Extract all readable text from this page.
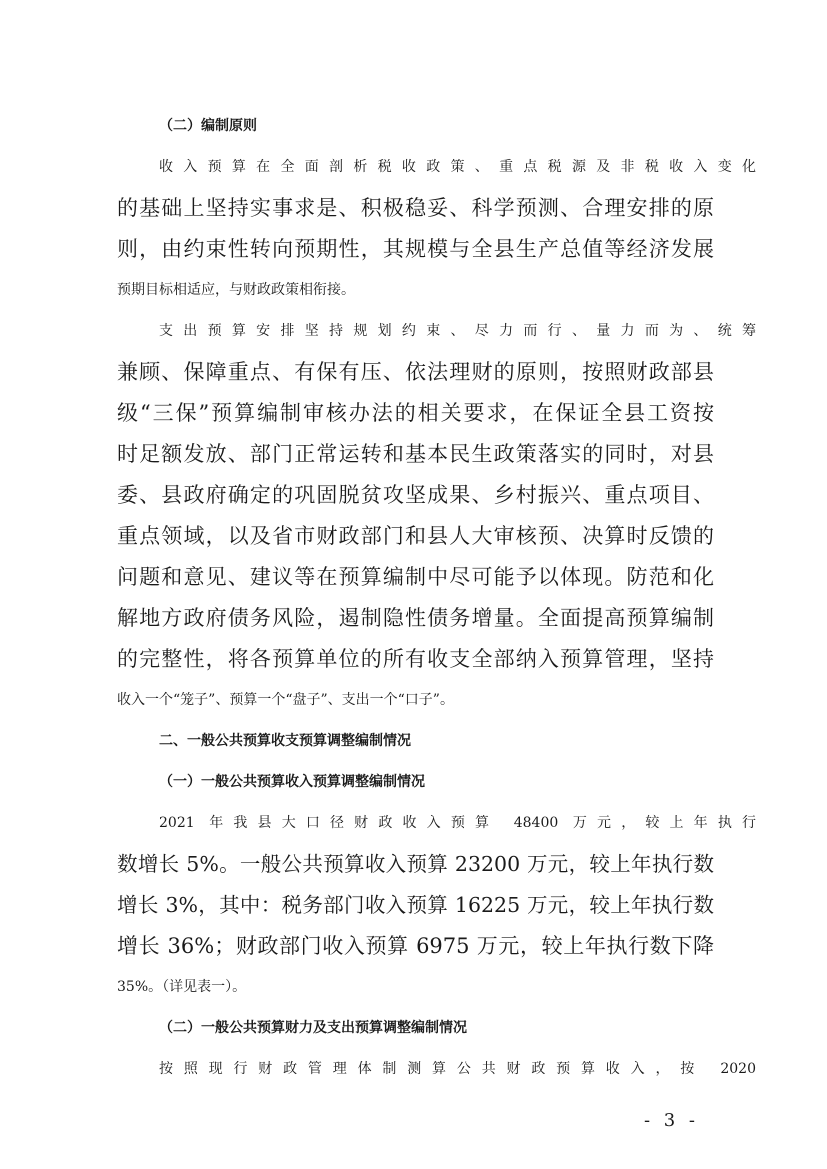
（二）编制原则
收入预算在全面剖析税收政策、重点税源及非税收入变化
的基础上坚持实事求是、积极稳妥、科学预测、合理安排的原
则，由约束性转向预期性，其规模与全县生产总值等经济发展
预期目标相适应，与财政政策相衔接。
支出预算安排坚持规划约束、尽力而行、量力而为、统筹
兼顾、保障重点、有保有压、依法理财的原则，按照财政部县
级“三保”预算编制审核办法的相关要求，在保证全县工资按
时足额发放、部门正常运转和基本民生政策落实的同时，对县
委、县政府确定的巩固脱贫攻坚成果、乡村振兴、重点项目、
重点领域，以及省市财政部门和县人大审核预、决算时反馈的
问题和意见、建议等在预算编制中尽可能予以体现。防范和化
解地方政府债务风险，遏制隐性债务增量。全面提高预算编制
的完整性，将各预算单位的所有收支全部纳入预算管理，坚持
收入一个“笼子”、预算一个“盘子”、支出一个“口子”。
二、一般公共预算收支预算调整编制情况
（一）一般公共预算收入预算调整编制情况
2021 年我县大口径财政收入预算 48400 万元，较上年执行
数增长 5%。一般公共预算收入预算 23200 万元，较上年执行数
增长 3%，其中：税务部门收入预算 16225 万元，较上年执行数
增长 36%；财政部门收入预算 6975 万元，较上年执行数下降
35%。（详见表一）。
（二）一般公共预算财力及支出预算调整编制情况
按照现行财政管理体制测算公共财政预算收入，按 2020
- 3 -
